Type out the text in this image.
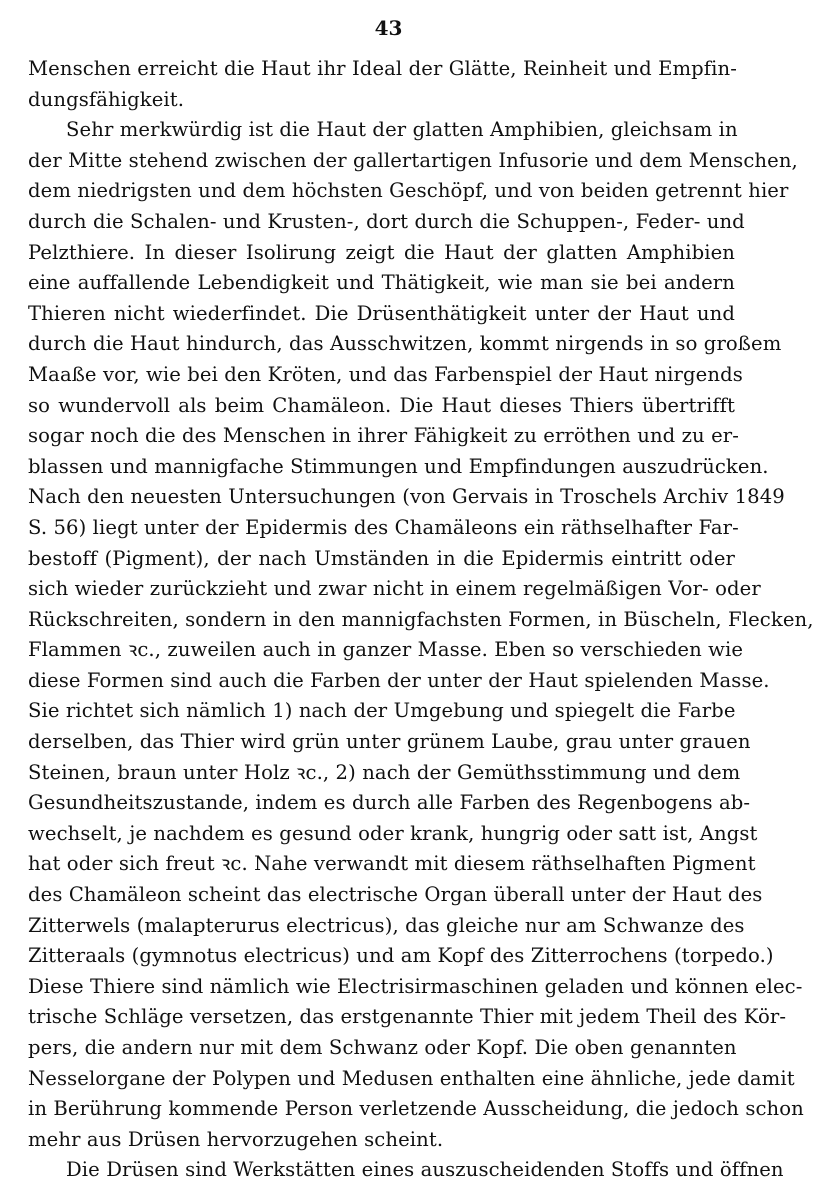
43
Menschen erreicht die Haut ihr Ideal der Glätte, Reinheit und Empfin-
dungsfähigkeit.
Sehr merkwürdig ist die Haut der glatten Amphibien, gleichsam in
der Mitte stehend zwischen der gallertartigen Infusorie und dem Menschen,
dem niedrigsten und dem höchsten Geschöpf, und von beiden getrennt hier
durch die Schalen- und Krusten-, dort durch die Schuppen-, Feder- und
Pelzthiere. In dieser Isolirung zeigt die Haut der glatten Amphibien
eine auffallende Lebendigkeit und Thätigkeit, wie man sie bei andern
Thieren nicht wiederfindet. Die Drüsenthätigkeit unter der Haut und
durch die Haut hindurch, das Ausschwitzen, kommt nirgends in so großem
Maaße vor, wie bei den Kröten, und das Farbenspiel der Haut nirgends
so wundervoll als beim Chamäleon. Die Haut dieses Thiers übertrifft
sogar noch die des Menschen in ihrer Fähigkeit zu erröthen und zu er-
blassen und mannigfache Stimmungen und Empfindungen auszudrücken.
Nach den neuesten Untersuchungen (von Gervais in Troschels Archiv 1849
S. 56) liegt unter der Epidermis des Chamäleons ein räthselhafter Far-
bestoff (Pigment), der nach Umständen in die Epidermis eintritt oder
sich wieder zurückzieht und zwar nicht in einem regelmäßigen Vor- oder
Rückschreiten, sondern in den mannigfachsten Formen, in Büscheln, Flecken,
Flammen ꝛc., zuweilen auch in ganzer Masse. Eben so verschieden wie
diese Formen sind auch die Farben der unter der Haut spielenden Masse.
Sie richtet sich nämlich 1) nach der Umgebung und spiegelt die Farbe
derselben, das Thier wird grün unter grünem Laube, grau unter grauen
Steinen, braun unter Holz ꝛc., 2) nach der Gemüthsstimmung und dem
Gesundheitszustande, indem es durch alle Farben des Regenbogens ab-
wechselt, je nachdem es gesund oder krank, hungrig oder satt ist, Angst
hat oder sich freut ꝛc. Nahe verwandt mit diesem räthselhaften Pigment
des Chamäleon scheint das electrische Organ überall unter der Haut des
Zitterwels (malapterurus electricus), das gleiche nur am Schwanze des
Zitteraals (gymnotus electricus) und am Kopf des Zitterrochens (torpedo.)
Diese Thiere sind nämlich wie Electrisirmaschinen geladen und können elec-
trische Schläge versetzen, das erstgenannte Thier mit jedem Theil des Kör-
pers, die andern nur mit dem Schwanz oder Kopf. Die oben genannten
Nesselorgane der Polypen und Medusen enthalten eine ähnliche, jede damit
in Berührung kommende Person verletzende Ausscheidung, die jedoch schon
mehr aus Drüsen hervorzugehen scheint.
Die Drüsen sind Werkstätten eines auszuscheidenden Stoffs und öffnen
